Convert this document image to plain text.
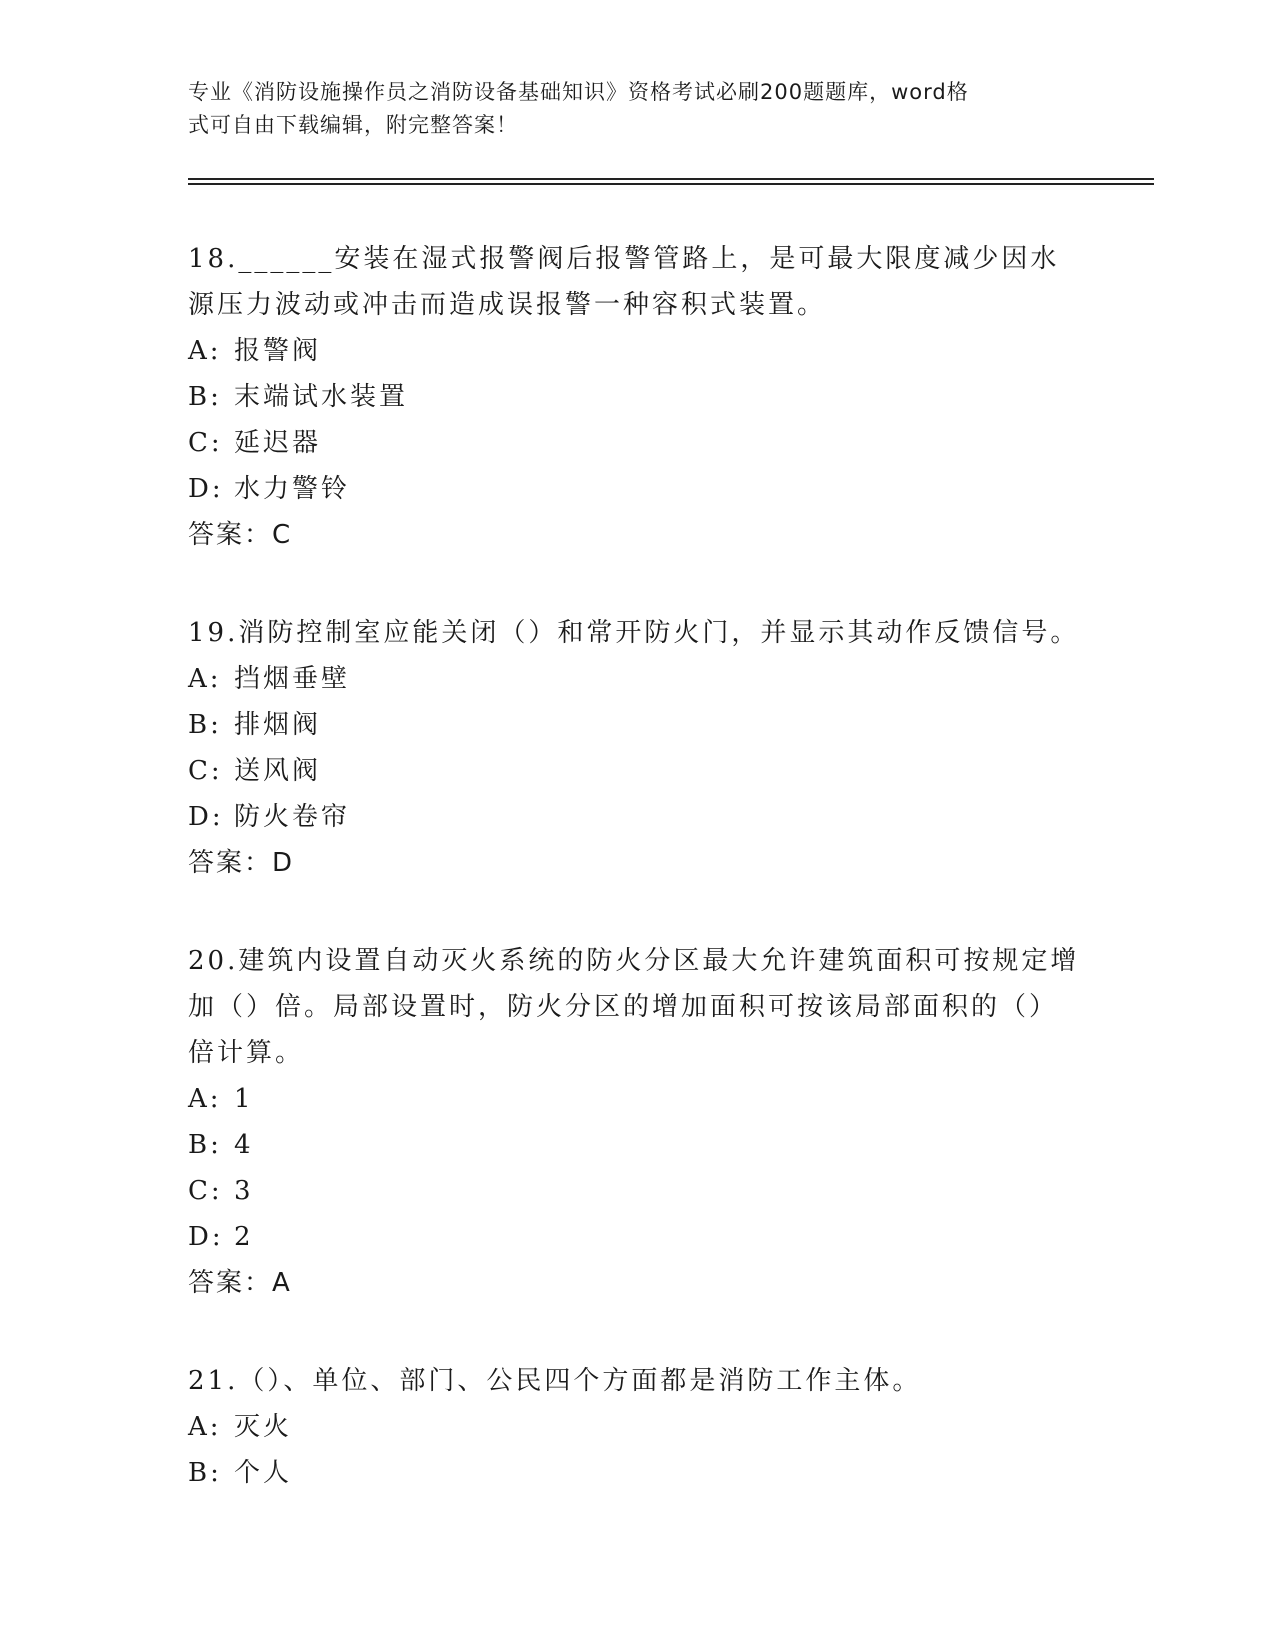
专业《消防设施操作员之消防设备基础知识》资格考试必刷200题题库，word格
式可自由下载编辑，附完整答案！
18.______安装在湿式报警阀后报警管路上，是可最大限度减少因水
源压力波动或冲击而造成误报警一种容积式装置。
A: 报警阀
B: 末端试水装置
C: 延迟器
D: 水力警铃
答案：C
19.消防控制室应能关闭（）和常开防火门，并显示其动作反馈信号。
A: 挡烟垂壁
B: 排烟阀
C: 送风阀
D: 防火卷帘
答案：D
20.建筑内设置自动灭火系统的防火分区最大允许建筑面积可按规定增
加（）倍。局部设置时，防火分区的增加面积可按该局部面积的（）
倍计算。
A: 1
B: 4
C: 3
D: 2
答案：A
21.（）、单位、部门、公民四个方面都是消防工作主体。
A: 灭火
B: 个人
